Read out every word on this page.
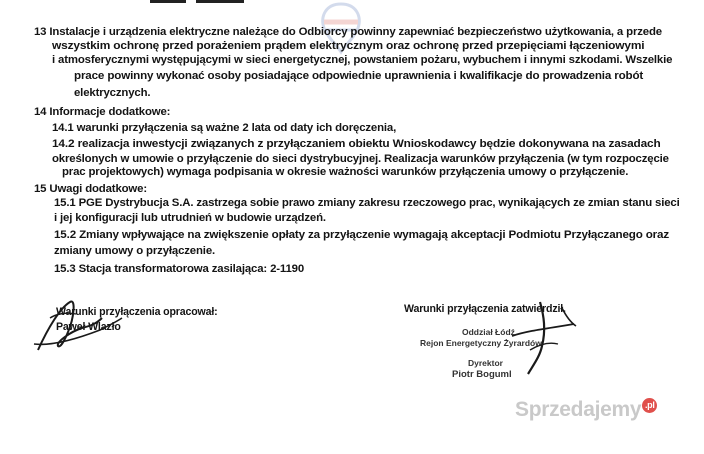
13 Instalacje i urządzenia elektryczne należące do Odbiorcy powinny zapewniać bezpieczeństwo użytkowania, a przede
wszystkim ochronę przed porażeniem prądem elektrycznym oraz ochronę przed przepięciami łączeniowymi
i atmosferycznymi występującymi w sieci energetycznej, powstaniem pożaru, wybuchem i innymi szkodami. Wszelkie
prace powinny wykonać osoby posiadające odpowiednie uprawnienia i kwalifikacje do prowadzenia robót
elektrycznych.
14 Informacje dodatkowe:
14.1 warunki przyłączenia są ważne 2 lata od daty ich doręczenia,
14.2 realizacja inwestycji związanych z przyłączaniem obiektu Wnioskodawcy będzie dokonywana na zasadach
określonych w umowie o przyłączenie do sieci dystrybucyjnej. Realizacja warunków przyłączenia (w tym rozpoczęcie
prac projektowych) wymaga podpisania w okresie ważności warunków przyłączenia umowy o przyłączenie.
15 Uwagi dodatkowe:
15.1 PGE Dystrybucja S.A. zastrzega sobie prawo zmiany zakresu rzeczowego prac, wynikających ze zmian stanu sieci
i jej konfiguracji lub utrudnień w budowie urządzeń.
15.2 Zmiany wpływające na zwiększenie opłaty za przyłączenie wymagają akceptacji Podmiotu Przyłączanego oraz
zmiany umowy o przyłączenie.
15.3 Stacja transformatorowa zasilająca: 2-1190
Warunki przyłączenia opracował:
Paweł Wlazło
Warunki przyłączenia zatwierdził.
Oddział Łódź
Rejon Energetyczny Żyrardów
Dyrektor
Piotr Boguml
Sprzedajemy .pl
